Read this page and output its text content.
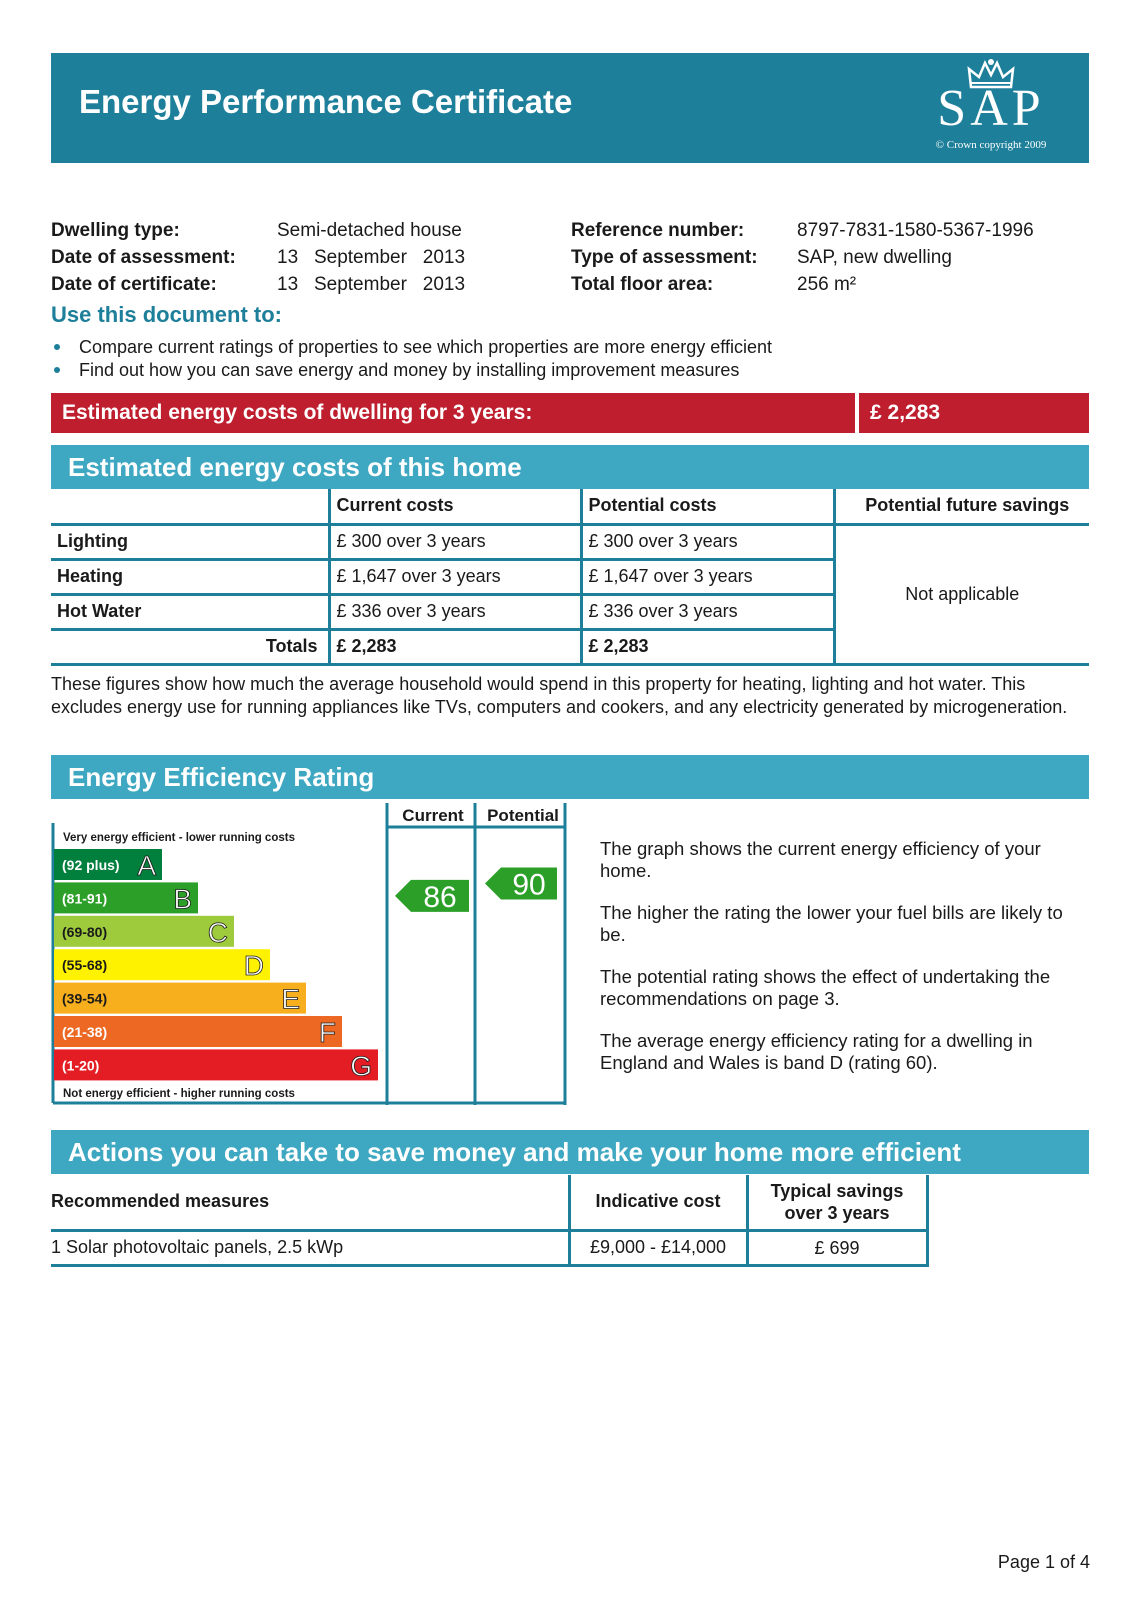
Energy Performance Certificate	SAP
© Crown copyright 2009
Dwelling type:	Semi-detached house
Date of assessment: 13   September   2013
Date of certificate:	13   September   2013
Reference number:	8797-7831-1580-5367-1996
Type of assessment: SAP, new dwelling
Total floor area:	256 m²
Use this document to:
Compare current ratings of properties to see which properties are more energy efficient
Find out how you can save energy and money by installing improvement measures
Estimated energy costs of dwelling for 3 years:	£ 2,283
Estimated energy costs of this home
	Current costs	Potential costs	Potential future savings
Lighting	£ 300 over 3 years	£ 300 over 3 years	Not applicable
Heating	£ 1,647 over 3 years	£ 1,647 over 3 years	
Hot Water	£ 336 over 3 years	£ 336 over 3 years	
Totals	£ 2,283	£ 2,283	
These figures show how much the average household would spend in this property for heating, lighting and hot water. This excludes energy use for running appliances like TVs, computers and cookers, and any electricity generated by microgeneration.
Energy Efficiency Rating
Current Potential
Very energy efficient - lower running costs
Not energy efficient - higher running costs
(92 plus) A
(81-91) B
(69-80)	C
(55-68)	D
(39-54)	E
(21-38)	F
(1-20)	G
86 90

The graph shows the current energy efficiency of your home.

The higher the rating the lower your fuel bills are likely to be.

The potential rating shows the effect of undertaking the recommendations on page 3.

The average energy efficiency rating for a dwelling in England and Wales is band D (rating 60).

Actions you can take to save money and make your home more efficient
Recommended measures	Indicative cost	Typical savings
over 3 years
1 Solar photovoltaic panels, 2.5 kWp	£9,000 - £14,000	£ 699
Page 1 of 4
